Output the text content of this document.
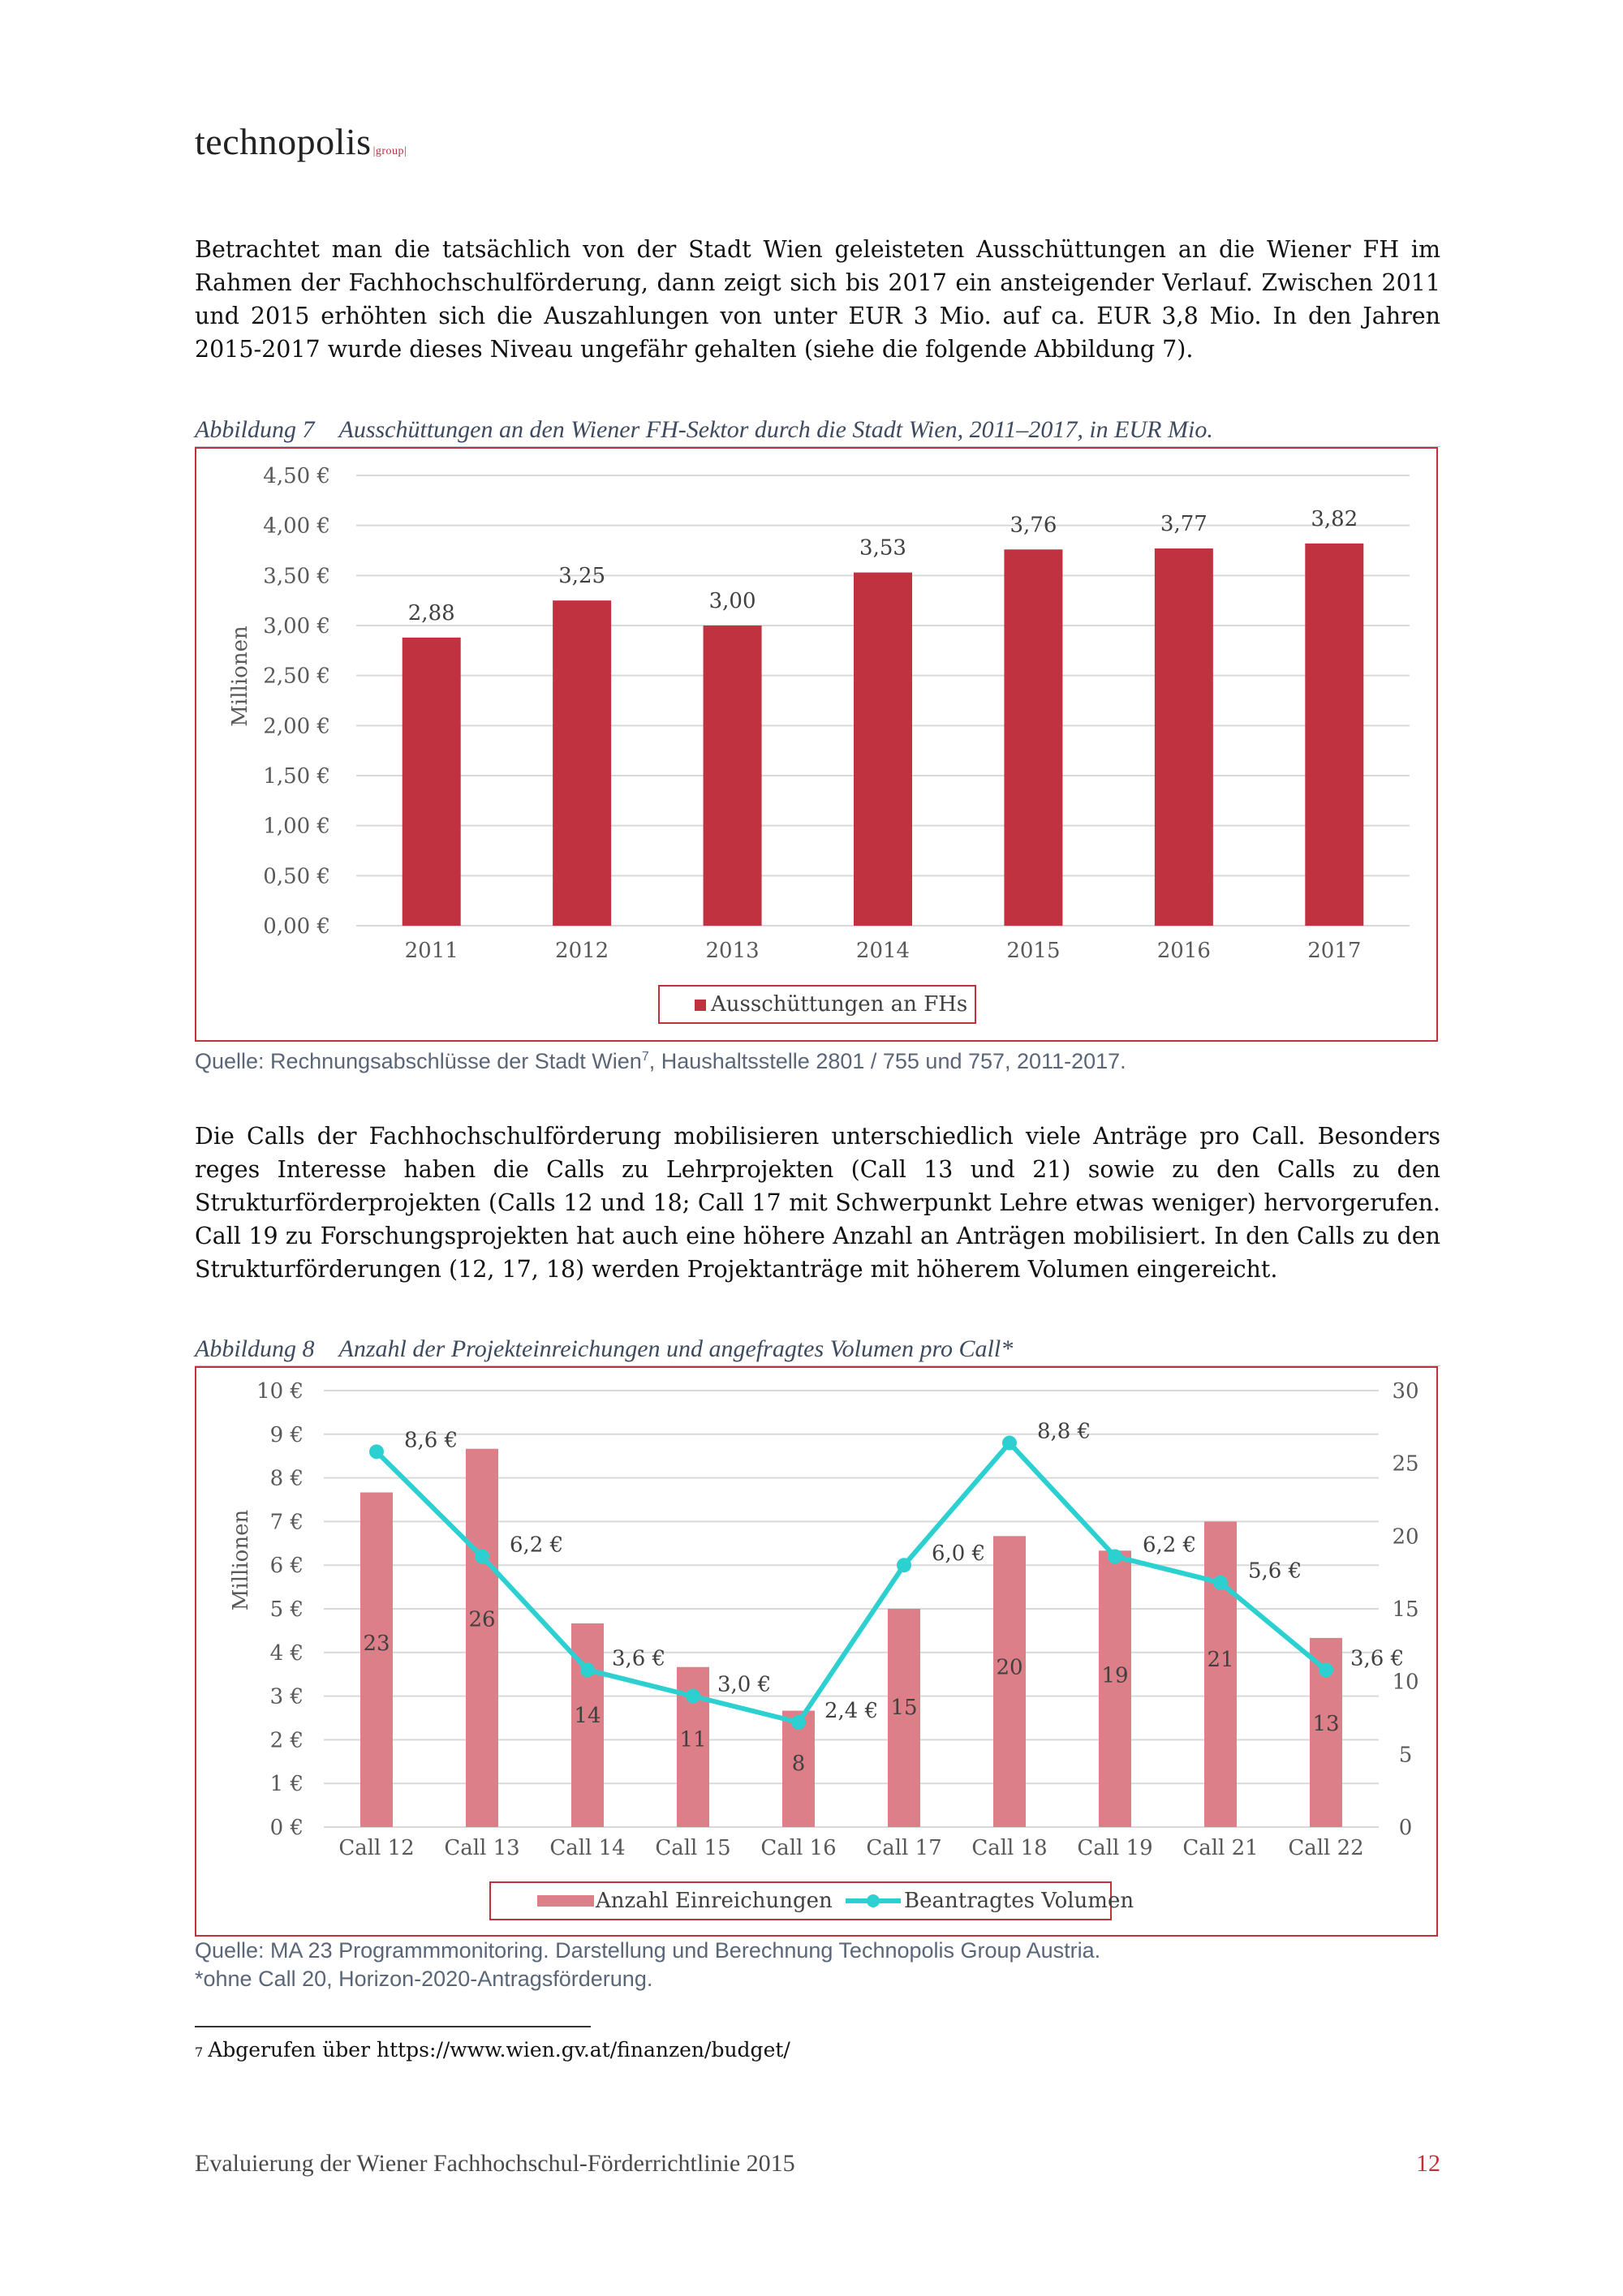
technopolis |group|

Betrachtet man die tatsächlich von der Stadt Wien geleisteten Ausschüttungen an die Wiener FH im Rahmen der Fachhochschulförderung, dann zeigt sich bis 2017 ein ansteigender Verlauf. Zwischen 2011 und 2015 erhöhten sich die Auszahlungen von unter EUR 3 Mio. auf ca. EUR 3,8 Mio. In den Jahren 2015-2017 wurde dieses Niveau ungefähr gehalten (siehe die folgende Abbildung 7).

Abbildung 7 Ausschüttungen an den Wiener FH-Sektor durch die Stadt Wien, 2011–2017, in EUR Mio.
0,00 €
0,50 €
1,00 €
1,50 €
2,00 €
2,50 €
3,00 €
3,50 €
4,00 €
4,50 €
Millionen
2,88
2011
3,25
2012
3,00
2013
3,53
2014
3,76
2015
3,77
2016
3,82
2017
Ausschüttungen an FHs
Quelle: Rechnungsabschlüsse der Stadt Wien$^7$, Haushaltsstelle 2801 / 755 und 757, 2011-2017.

Die Calls der Fachhochschulförderung mobilisieren unterschiedlich viele Anträge pro Call. Besonders reges Interesse haben die Calls zu Lehrprojekten (Call 13 und 21) sowie zu den Calls zu den Strukturförderprojekten (Calls 12 und 18; Call 17 mit Schwerpunkt Lehre etwas weniger) hervorgerufen. Call 19 zu Forschungsprojekten hat auch eine höhere Anzahl an Anträgen mobilisiert. In den Calls zu den Strukturförderungen (12, 17, 18) werden Projektanträge mit höherem Volumen eingereicht.

Abbildung 8 Anzahl der Projekteinreichungen und angefragtes Volumen pro Call*
0 €
1 €
2 €
3 €
4 €
5 €
6 €
7 €
8 €
9 €
10 €
0
5
10
15
20
25
30
Millionen
23
Call 12
26
Call 13
14
Call 14
11
Call 15
8
Call 16
15
Call 17
20
Call 18
19
Call 19
21
Call 21
13
Call 22
8,6 €
6,2 €
3,6 €
3,0 €
2,4 €
6,0 €
8,8 €
6,2 €
5,6 €
3,6 €
Anzahl Einreichungen	Beantragtes Volumen
Quelle: MA 23 Programmmonitoring. Darstellung und Berechnung Technopolis Group Austria.
*ohne Call 20, Horizon-2020-Antragsförderung.
7 Abgerufen über https://www.wien.gv.at/finanzen/budget/
Evaluierung der Wiener Fachhochschul-Förderrichtlinie 2015	12
